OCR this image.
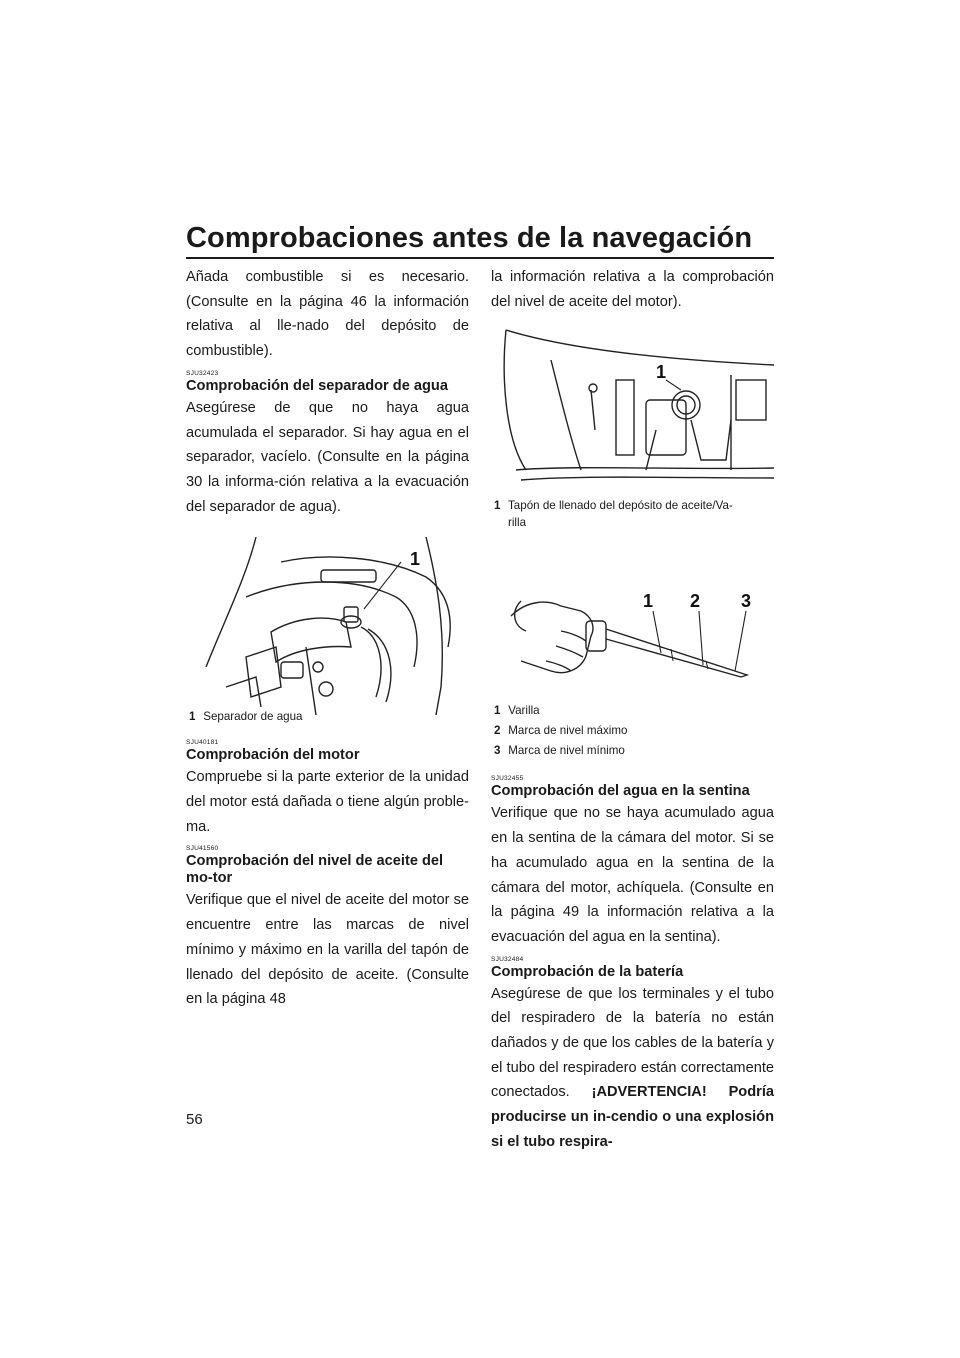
Comprobaciones antes de la navegación

Añada combustible si es necesario. (Consulte en la página 46 la información relativa al lle-nado del depósito de combustible).

SJU32423
Comprobación del separador de agua

Asegúrese de que no haya agua acumulada el separador. Si hay agua en el separador, vacíelo. (Consulte en la página 30 la informa-ción relativa a la evacuación del separador de agua).

1
1 Separador de agua
SJU40181
Comprobación del motor

Compruebe si la parte exterior de la unidad del motor está dañada o tiene algún proble-ma.

SJU41560
Comprobación del nivel de aceite del mo-tor

Verifique que el nivel de aceite del motor se encuentre entre las marcas de nivel mínimo y máximo en la varilla del tapón de llenado del depósito de aceite. (Consulte en la página 48

la información relativa a la comprobación del nivel de aceite del motor).

1
1 Tapón de llenado del depósito de aceite/Va-
rilla
1 2 3
1 Varilla
2 Marca de nivel máximo
3 Marca de nivel mínimo
SJU32455
Comprobación del agua en la sentina

Verifique que no se haya acumulado agua en la sentina de la cámara del motor. Si se ha acumulado agua en la sentina de la cámara del motor, achíquela. (Consulte en la página 49 la información relativa a la evacuación del agua en la sentina).

SJU32484
Comprobación de la batería

Asegúrese de que los terminales y el tubo del respiradero de la batería no están dañados y de que los cables de la batería y el tubo del respiradero están correctamente conectados. ¡ADVERTENCIA! Podría producirse un in-cendio o una explosión si el tubo respira-

56
